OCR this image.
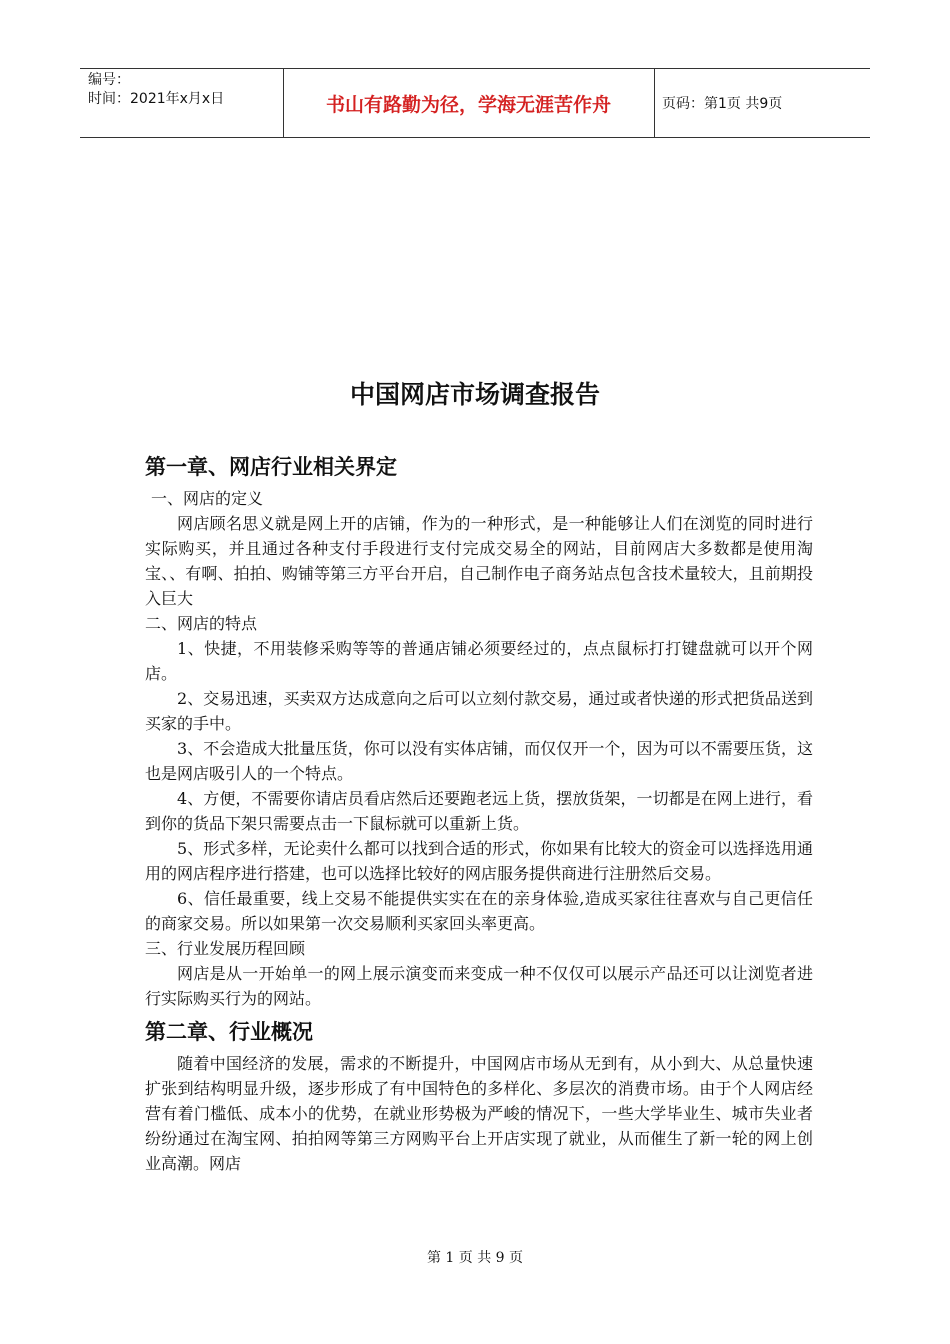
编号：
时间：2021年x月x日	书山有路勤为径，学海无涯苦作舟	页码：第1页 共9页
中国网店市场调查报告
第一章、网店行业相关界定

一、网店的定义

网店顾名思义就是网上开的店铺，作为的一种形式，是一种能够让人们在浏览的同时进行实际购买，并且通过各种支付手段进行支付完成交易全的网站，目前网店大多数都是使用淘宝、、有啊、拍拍、购铺等第三方平台开启，自己制作电子商务站点包含技术量较大，且前期投入巨大

二、网店的特点

1、快捷，不用装修采购等等的普通店铺必须要经过的，点点鼠标打打键盘就可以开个网店。

2、交易迅速，买卖双方达成意向之后可以立刻付款交易，通过或者快递的形式把货品送到买家的手中。

3、不会造成大批量压货，你可以没有实体店铺，而仅仅开一个，因为可以不需要压货，这也是网店吸引人的一个特点。

4、方便，不需要你请店员看店然后还要跑老远上货，摆放货架，一切都是在网上进行，看到你的货品下架只需要点击一下鼠标就可以重新上货。

5、形式多样，无论卖什么都可以找到合适的形式，你如果有比较大的资金可以选择选用通用的网店程序进行搭建，也可以选择比较好的网店服务提供商进行注册然后交易。

6、信任最重要，线上交易不能提供实实在在的亲身体验,造成买家往往喜欢与自己更信任的商家交易。所以如果第一次交易顺利买家回头率更高。

三、行业发展历程回顾

网店是从一开始单一的网上展示演变而来变成一种不仅仅可以展示产品还可以让浏览者进行实际购买行为的网站。

第二章、行业概况

随着中国经济的发展，需求的不断提升，中国网店市场从无到有，从小到大、从总量快速扩张到结构明显升级，逐步形成了有中国特色的多样化、多层次的消费市场。由于个人网店经营有着门槛低、成本小的优势，在就业形势极为严峻的情况下，一些大学毕业生、城市失业者纷纷通过在淘宝网、拍拍网等第三方网购平台上开店实现了就业，从而催生了新一轮的网上创业高潮。网店

第 1 页 共 9 页
